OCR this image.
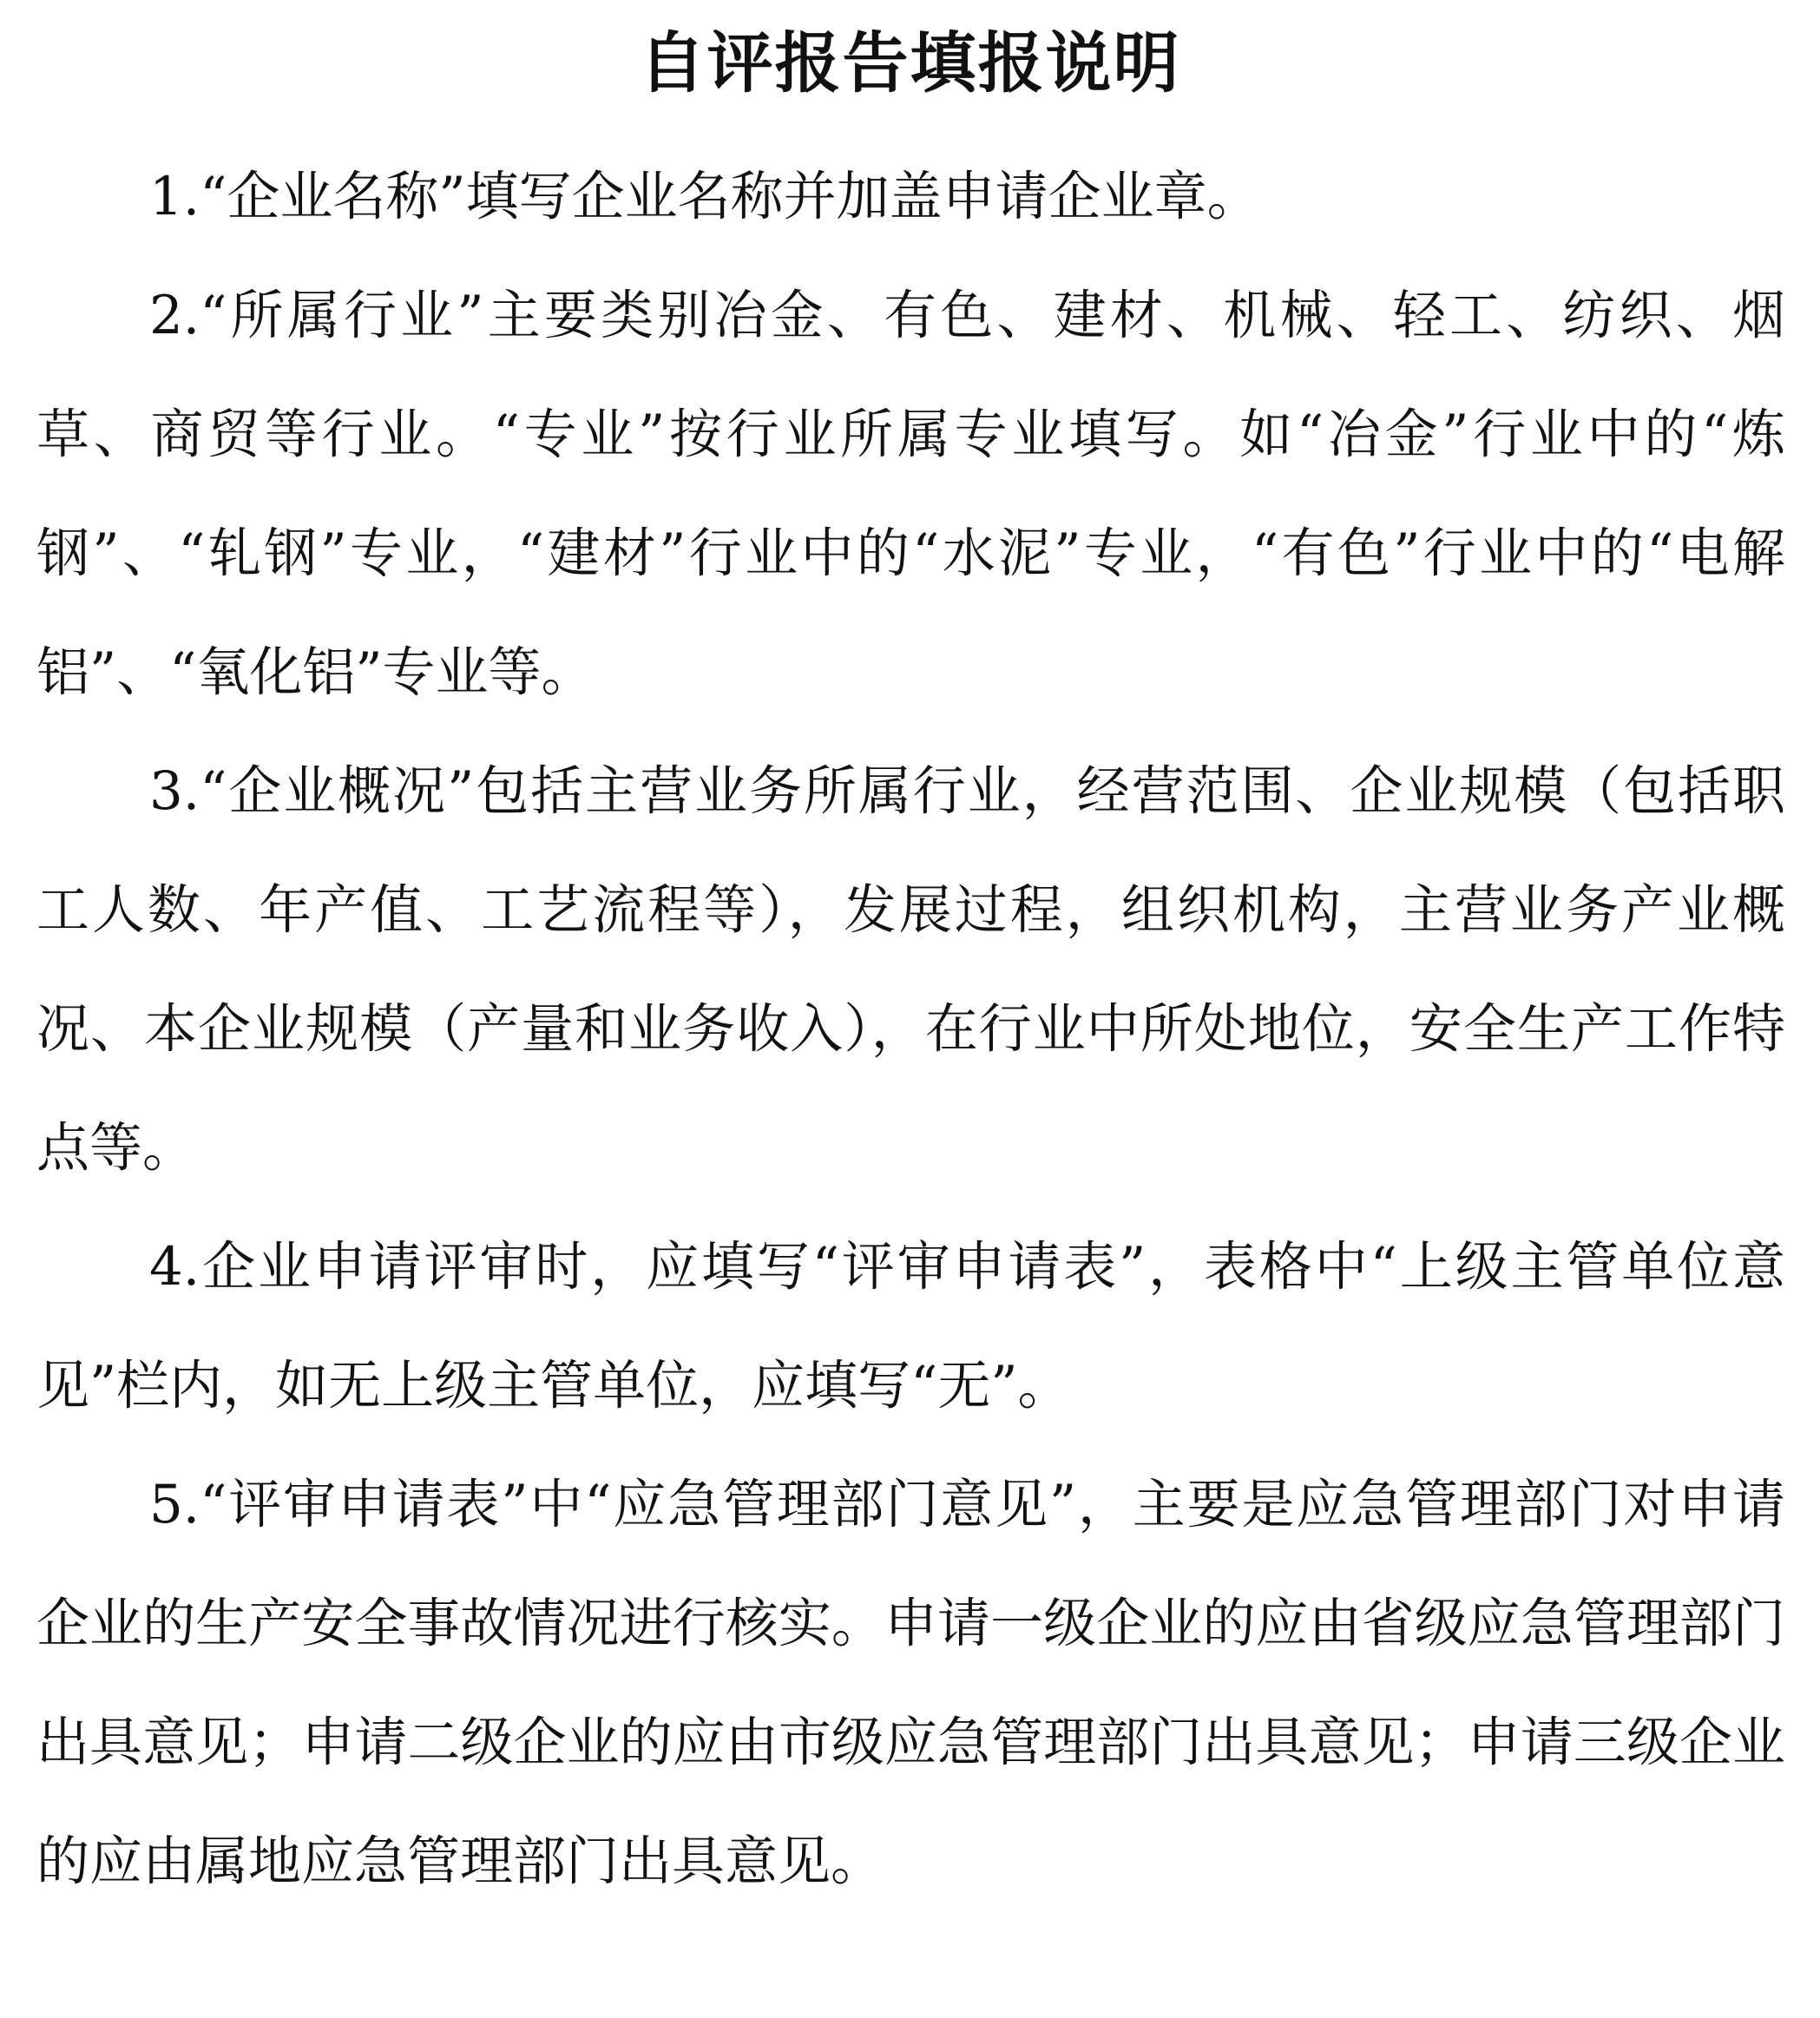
自评报告填报说明

1.“企业名称”填写企业名称并加盖申请企业章。

2.“所属行业”主要类别冶金、有色、建材、机械、轻工、纺织、烟草、商贸等行业。“专业”按行业所属专业填写。如“冶金”行业中的“炼钢”、“轧钢”专业，“建材”行业中的“水泥”专业，“有色”行业中的“电解铝”、“氧化铝”专业等。

3.“企业概况”包括主营业务所属行业，经营范围、企业规模（包括职工人数、年产值、工艺流程等），发展过程，组织机构，主营业务产业概况、本企业规模（产量和业务收入），在行业中所处地位，安全生产工作特点等。

4.企业申请评审时，应填写“评审申请表”，表格中“上级主管单位意见”栏内，如无上级主管单位，应填写“无”。

5.“评审申请表”中“应急管理部门意见”，主要是应急管理部门对申请企业的生产安全事故情况进行核实。申请一级企业的应由省级应急管理部门出具意见；申请二级企业的应由市级应急管理部门出具意见；申请三级企业的应由属地应急管理部门出具意见。
